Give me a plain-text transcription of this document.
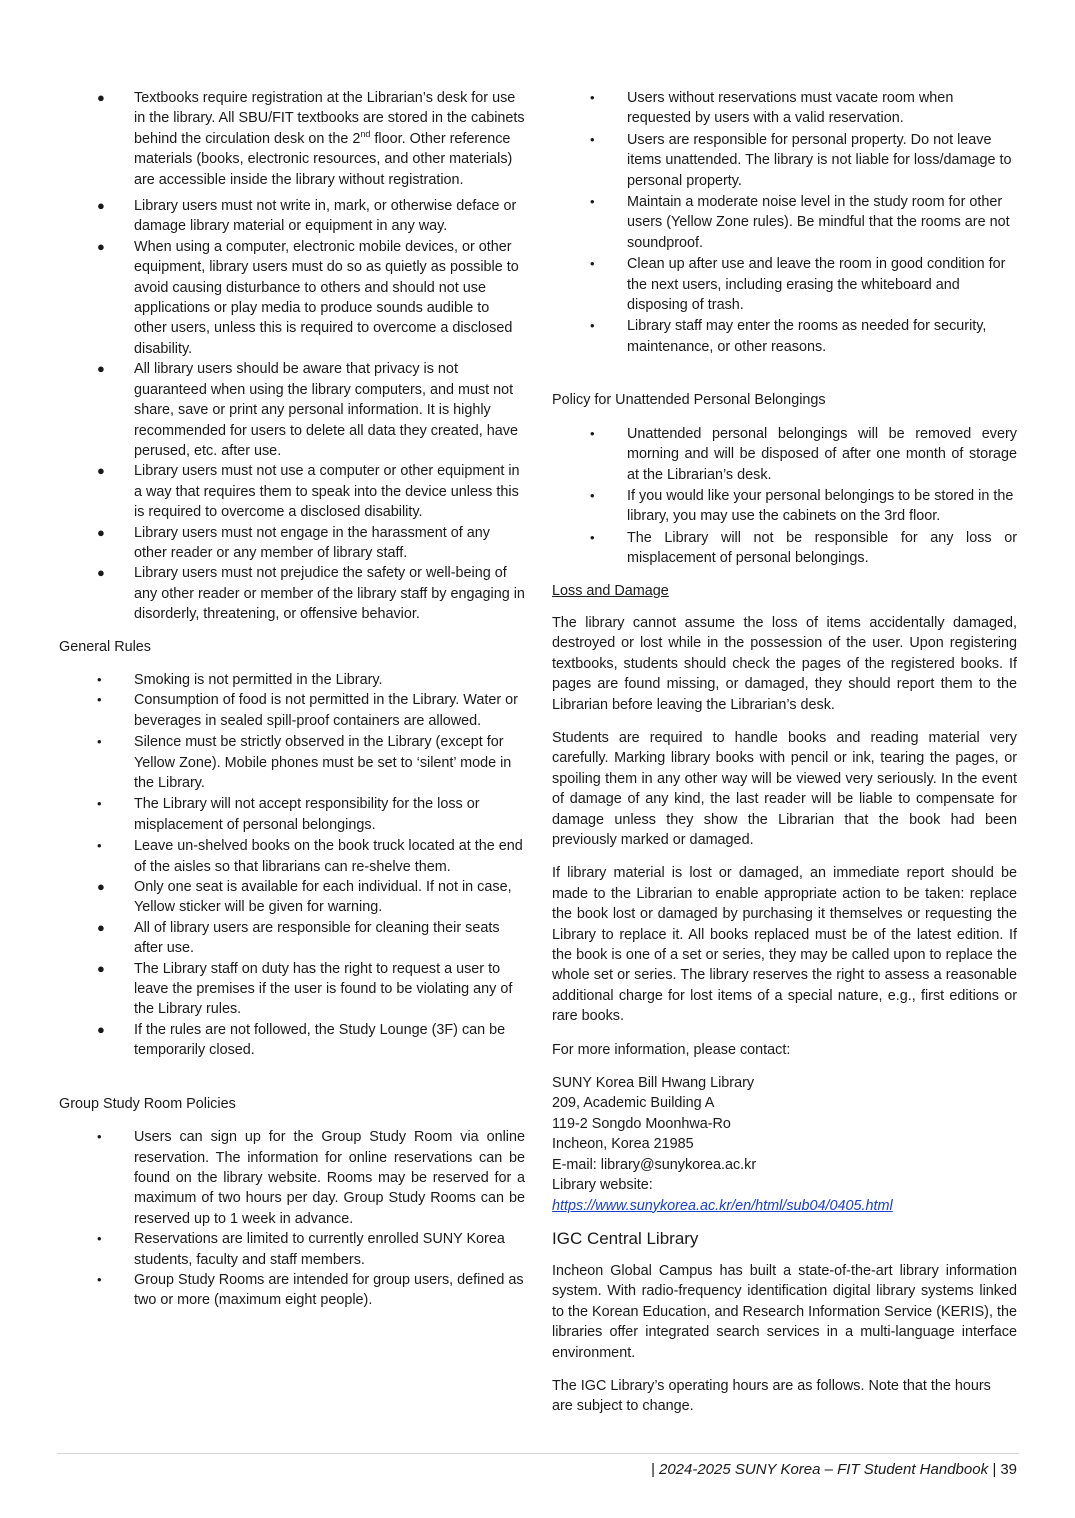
● Textbooks require registration at the Librarian’s desk for use in the library. All SBU/FIT textbooks are stored in the cabinets behind the circulation desk on the 2nd floor. Other reference materials (books, electronic resources, and other materials) are accessible inside the library without registration.
● Library users must not write in, mark, or otherwise deface or damage library material or equipment in any way.
● When using a computer, electronic mobile devices, or other equipment, library users must do so as quietly as possible to avoid causing disturbance to others and should not use applications or play media to produce sounds audible to other users, unless this is required to overcome a disclosed disability.
● All library users should be aware that privacy is not guaranteed when using the library computers, and must not share, save or print any personal information. It is highly recommended for users to delete all data they created, have perused, etc. after use.
● Library users must not use a computer or other equipment in a way that requires them to speak into the device unless this is required to overcome a disclosed disability.
● Library users must not engage in the harassment of any other reader or any member of library staff.
● Library users must not prejudice the safety or well-being of any other reader or member of the library staff by engaging in disorderly, threatening, or offensive behavior.

General Rules

• Smoking is not permitted in the Library.
• Consumption of food is not permitted in the Library. Water or beverages in sealed spill-proof containers are allowed.
• Silence must be strictly observed in the Library (except for Yellow Zone). Mobile phones must be set to ‘silent’ mode in the Library.
• The Library will not accept responsibility for the loss or misplacement of personal belongings.
• Leave un-shelved books on the book truck located at the end of the aisles so that librarians can re-shelve them.
● Only one seat is available for each individual. If not in case, Yellow sticker will be given for warning.
● All of library users are responsible for cleaning their seats after use.
● The Library staff on duty has the right to request a user to leave the premises if the user is found to be violating any of the Library rules.
● If the rules are not followed, the Study Lounge (3F) can be temporarily closed.

Group Study Room Policies

• Users can sign up for the Group Study Room via online reservation. The information for online reservations can be found on the library website. Rooms may be reserved for a maximum of two hours per day. Group Study Rooms can be reserved up to 1 week in advance.
• Reservations are limited to currently enrolled SUNY Korea students, faculty and staff members.
• Group Study Rooms are intended for group users, defined as two or more (maximum eight people).
• Users without reservations must vacate room when requested by users with a valid reservation.
• Users are responsible for personal property. Do not leave items unattended. The library is not liable for loss/damage to personal property.
• Maintain a moderate noise level in the study room for other users (Yellow Zone rules). Be mindful that the rooms are not soundproof.
• Clean up after use and leave the room in good condition for the next users, including erasing the whiteboard and disposing of trash.
• Library staff may enter the rooms as needed for security, maintenance, or other reasons.

Policy for Unattended Personal Belongings

• Unattended personal belongings will be removed every morning and will be disposed of after one month of storage at the Librarian’s desk.
• If you would like your personal belongings to be stored in the library, you may use the cabinets on the 3rd floor.
• The Library will not be responsible for any loss or misplacement of personal belongings.

Loss and Damage

The library cannot assume the loss of items accidentally damaged, destroyed or lost while in the possession of the user. Upon registering textbooks, students should check the pages of the registered books. If pages are found missing, or damaged, they should report them to the Librarian before leaving the Librarian’s desk.

Students are required to handle books and reading material very carefully. Marking library books with pencil or ink, tearing the pages, or spoiling them in any other way will be viewed very seriously. In the event of damage of any kind, the last reader will be liable to compensate for damage unless they show the Librarian that the book had been previously marked or damaged.

If library material is lost or damaged, an immediate report should be made to the Librarian to enable appropriate action to be taken: replace the book lost or damaged by purchasing it themselves or requesting the Library to replace it. All books replaced must be of the latest edition. If the book is one of a set or series, they may be called upon to replace the whole set or series. The library reserves the right to assess a reasonable additional charge for lost items of a special nature, e.g., first editions or rare books.

For more information, please contact:

SUNY Korea Bill Hwang Library
209, Academic Building A
119-2 Songdo Moonhwa-Ro
Incheon, Korea 21985
E-mail: library@sunykorea.ac.kr
Library website:
https://www.sunykorea.ac.kr/en/html/sub04/0405.html

IGC Central Library

Incheon Global Campus has built a state-of-the-art library information system. With radio-frequency identification digital library systems linked to the Korean Education, and Research Information Service (KERIS), the libraries offer integrated search services in a multi-language interface environment.

The IGC Library’s operating hours are as follows. Note that the hours are subject to change.

| 2024-2025 SUNY Korea – FIT Student Handbook | 39
